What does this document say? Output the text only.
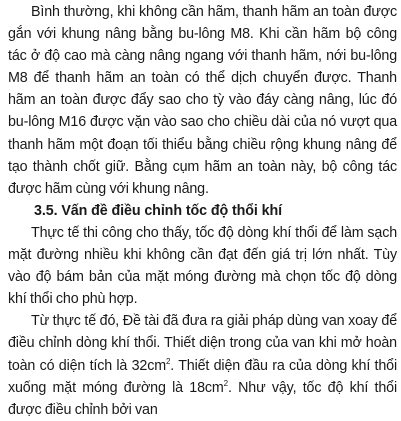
Bình thường, khi không cần hãm, thanh hãm an toàn được gắn với khung nâng bằng bu-lông M8. Khi cần hãm bộ công tác ở độ cao mà càng nâng ngang với thanh hãm, nới bu-lông M8 để thanh hãm an toàn có thể dịch chuyển được. Thanh hãm an toàn được đẩy sao cho tỳ vào đáy càng nâng, lúc đó bu-lông M16 được vặn vào sao cho chiều dài của nó vượt qua thanh hãm một đoạn tối thiểu bằng chiều rộng khung nâng để tạo thành chốt giữ. Bằng cụm hãm an toàn này, bộ công tác được hãm cùng với khung nâng.

3.5. Vấn đề điều chỉnh tốc độ thổi khí

Thực tế thi công cho thấy, tốc độ dòng khí thổi để làm sạch mặt đường nhiều khi không cần đạt đến giá trị lớn nhất. Tùy vào độ bám bản của mặt móng đường mà chọn tốc độ dòng khí thổi cho phù hợp.

Từ thực tế đó, Đề tài đã đưa ra giải pháp dùng van xoay để điều chỉnh dòng khí thổi. Thiết diện trong của van khi mở hoàn toàn có diện tích là $32cm^2$. Thiết diện đầu ra của dòng khí thổi xuống mặt móng đường là $18cm^2$. Như vậy, tốc độ khí thổi được điều chỉnh bởi van
